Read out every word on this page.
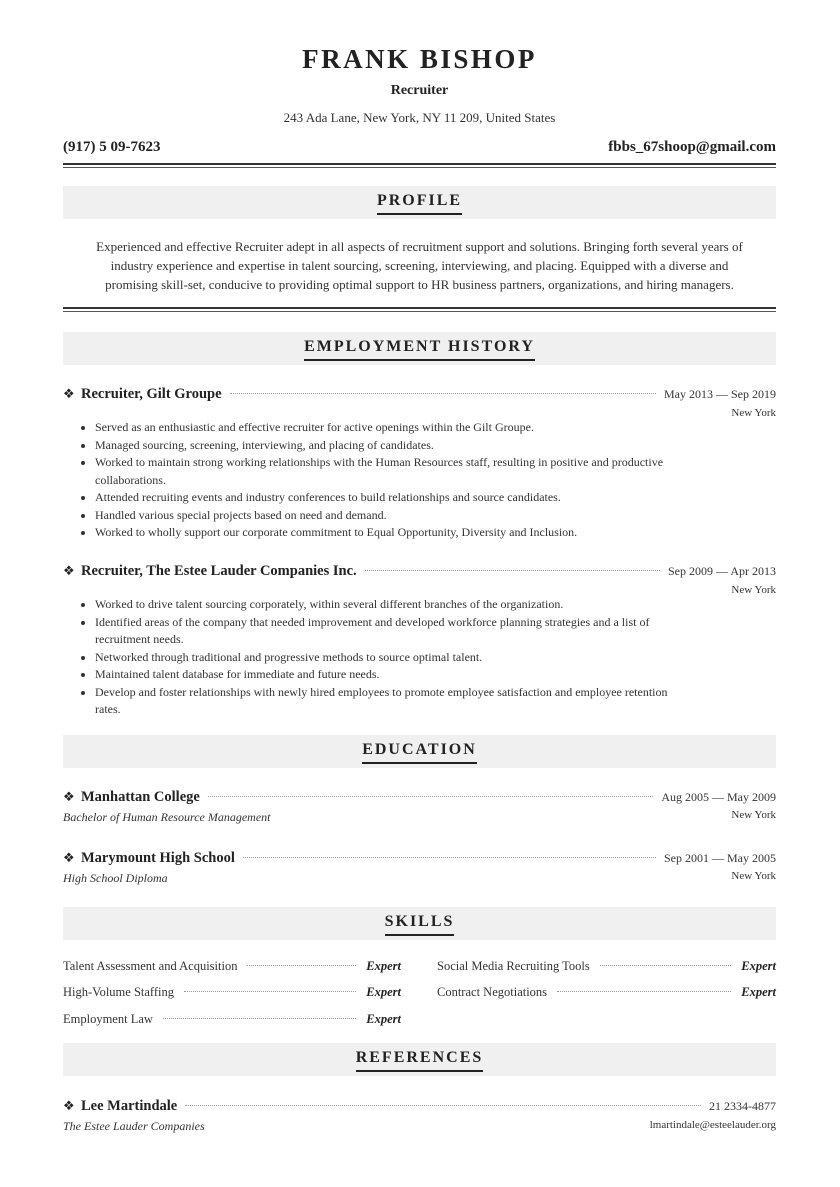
FRANK BISHOP
Recruiter
2​43 Ada Lane, New York, NY 11 209, United States
(917) 5 09-7623	fbbs_67shoop@gmail.com
PROFILE
Experienced and effective Recruiter adept in all aspects of recruitment support and solutions. Bringing forth several years of industry experience and expertise in talent sourcing, screening, interviewing, and placing. Equipped with a diverse and promising skill-set, conducive to providing optimal support to HR business partners, organizations, and hiring managers.
EMPLOYMENT HISTORY
❖ Recruiter, Gilt Groupe	May 2013 — Sep 2019
New York
• Served as an enthusiastic and effective recruiter for active openings within the Gilt Groupe.
• Managed sourcing, screening, interviewing, and placing of candidates.
• Worked to maintain strong working relationships with the Human Resources staff, resulting in positive and productive collaborations.
• Attended recruiting events and industry conferences to build relationships and source candidates.
• Handled various special projects based on need and demand.
• Worked to wholly support our corporate commitment to Equal Opportunity, Diversity and Inclusion.
❖ Recruiter, The Estee Lauder Companies Inc.	Sep 2009 — Apr 2013
New York
• Worked to drive talent sourcing corporately, within several different branches of the organization.
• Identified areas of the company that needed improvement and developed workforce planning strategies and a list of recruitment needs.
• Networked through traditional and progressive methods to source optimal talent.
• Maintained talent database for immediate and future needs.
• Develop and foster relationships with newly hired employees to promote employee satisfaction and employee retention rates.
EDUCATION
❖ Manhattan College	Aug 2005 — May 2009
Bachelor of Human Resource Management	New York
❖ Marymount High School	Sep 2001 — May 2005
High School Diploma	New York
SKILLS
Talent Assessment and Acquisition	Expert	Social Media Recruiting Tools	Expert
High-Volume Staffing	Expert	Contract Negotiations	Expert
Employment Law	Expert
REFERENCES
❖ Lee Martindale	21 2334-4877
The Estee Lauder Companies	lmartindale@esteelauder.org
